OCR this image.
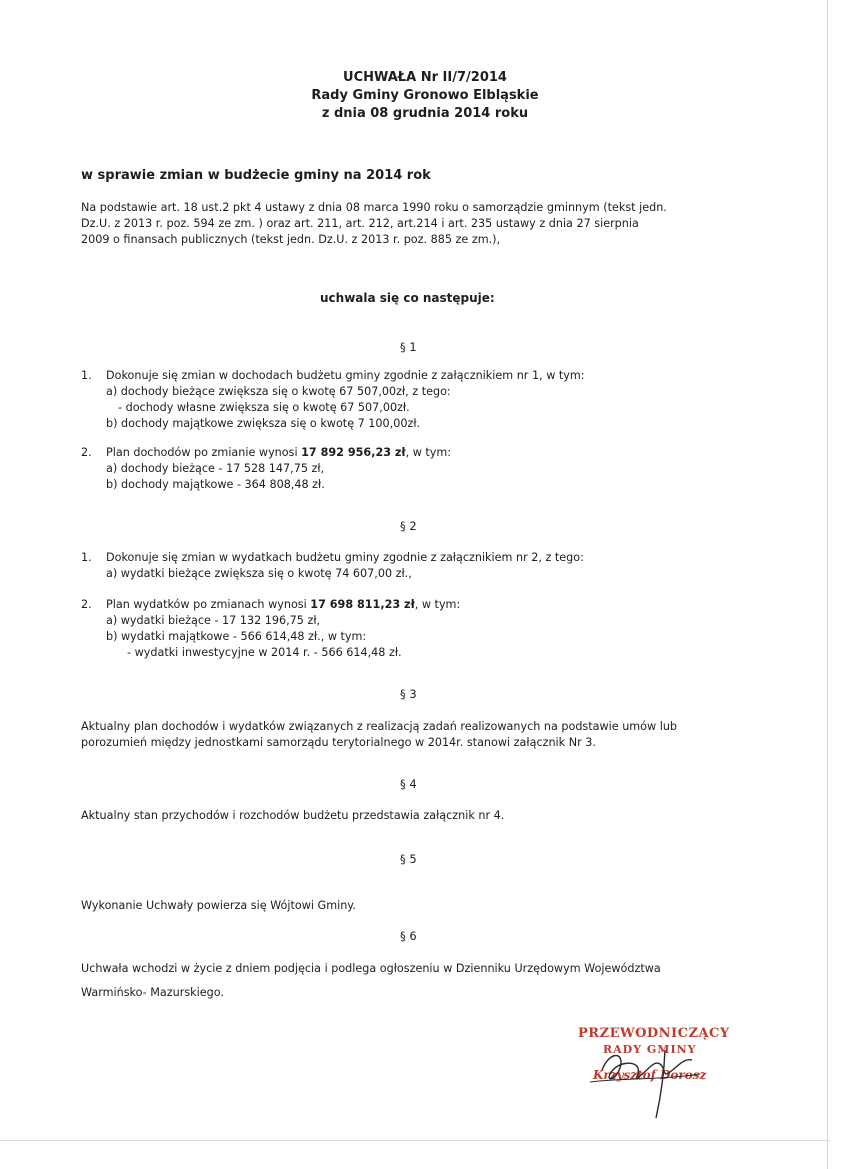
UCHWAŁA Nr II/7/2014
Rady Gminy Gronowo Elbląskie
z dnia 08 grudnia 2014 roku
w sprawie zmian w budżecie gminy na 2014 rok
Na podstawie art. 18 ust.2 pkt 4 ustawy z dnia 08 marca 1990 roku o samorządzie gminnym (tekst jedn.
Dz.U. z 2013 r. poz. 594 ze zm. ) oraz art. 211, art. 212, art.214 i art. 235 ustawy z dnia 27 sierpnia
2009 o finansach publicznych (tekst jedn. Dz.U. z 2013 r. poz. 885 ze zm.),
uchwala się co następuje:
§ 1
1. Dokonuje się zmian w dochodach budżetu gminy zgodnie z załącznikiem nr 1, w tym:
a) dochody bieżące zwiększa się o kwotę 67 507,00zł, z tego:
- dochody własne zwiększa się o kwotę 67 507,00zł.
b) dochody majątkowe zwiększa się o kwotę 7 100,00zł.
2. Plan dochodów po zmianie wynosi 17 892 956,23 zł, w tym:
a) dochody bieżące - 17 528 147,75 zł,
b) dochody majątkowe - 364 808,48 zł.
§ 2
1. Dokonuje się zmian w wydatkach budżetu gminy zgodnie z załącznikiem nr 2, z tego:
a) wydatki bieżące zwiększa się o kwotę 74 607,00 zł.,
2. Plan wydatków po zmianach wynosi 17 698 811,23 zł, w tym:
a) wydatki bieżące - 17 132 196,75 zł,
b) wydatki majątkowe - 566 614,48 zł., w tym:
- wydatki inwestycyjne w 2014 r. - 566 614,48 zł.
§ 3
Aktualny plan dochodów i wydatków związanych z realizacją zadań realizowanych na podstawie umów lub
porozumień między jednostkami samorządu terytorialnego w 2014r. stanowi załącznik Nr 3.
§ 4
Aktualny stan przychodów i rozchodów budżetu przedstawia załącznik nr 4.
§ 5
Wykonanie Uchwały powierza się Wójtowi Gminy.
§ 6
Uchwała wchodzi w życie z dniem podjęcia i podlega ogłoszeniu w Dzienniku Urzędowym Województwa
Warmińsko- Mazurskiego.
PRZEWODNICZĄCY
RADY GMINY
Krzysztof Dorosz
